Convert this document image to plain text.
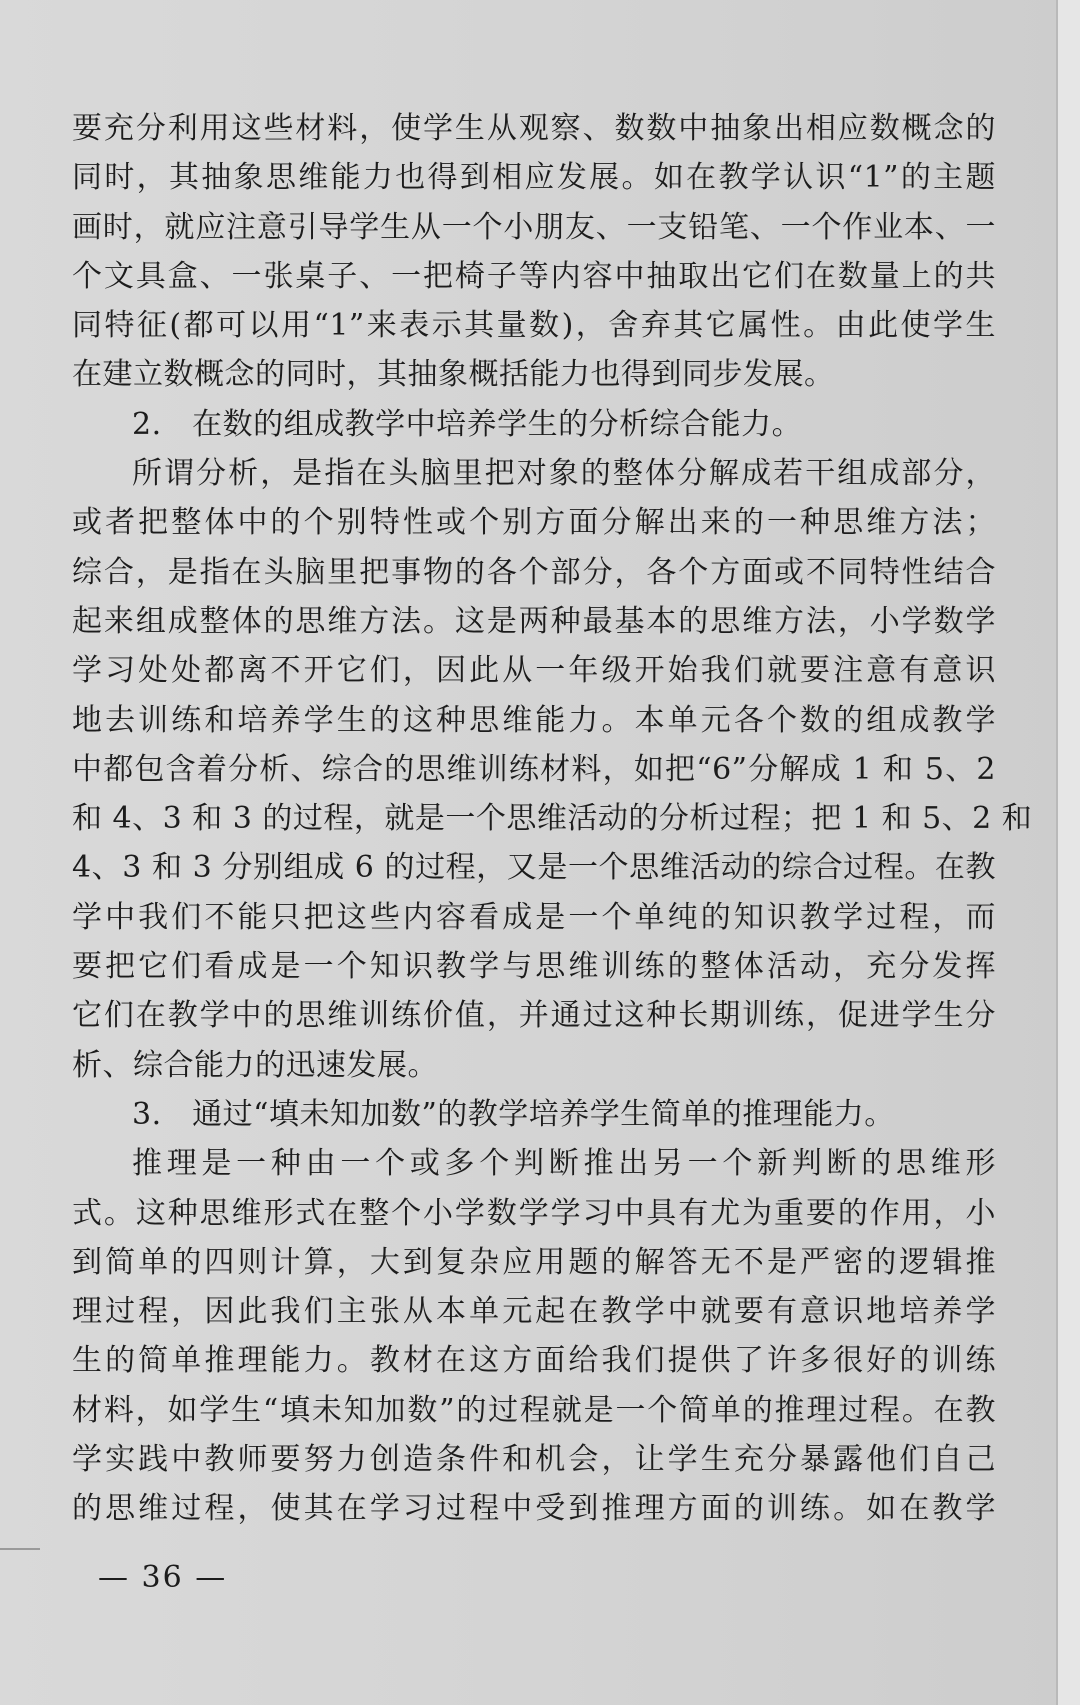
要充分利用这些材料，使学生从观察、数数中抽象出相应数概念的
同时，其抽象思维能力也得到相应发展。如在教学认识“1”的主题
画时，就应注意引导学生从一个小朋友、一支铅笔、一个作业本、一
个文具盒、一张桌子、一把椅子等内容中抽取出它们在数量上的共
同特征(都可以用“1”来表示其量数)，舍弃其它属性。由此使学生
在建立数概念的同时，其抽象概括能力也得到同步发展。
2.　在数的组成教学中培养学生的分析综合能力。
所谓分析，是指在头脑里把对象的整体分解成若干组成部分，
或者把整体中的个别特性或个别方面分解出来的一种思维方法；
综合，是指在头脑里把事物的各个部分，各个方面或不同特性结合
起来组成整体的思维方法。这是两种最基本的思维方法，小学数学
学习处处都离不开它们，因此从一年级开始我们就要注意有意识
地去训练和培养学生的这种思维能力。本单元各个数的组成教学
中都包含着分析、综合的思维训练材料，如把“6”分解成 1 和 5、2
和 4、3 和 3 的过程，就是一个思维活动的分析过程；把 1 和 5、2 和
4、3 和 3 分别组成 6 的过程，又是一个思维活动的综合过程。在教
学中我们不能只把这些内容看成是一个单纯的知识教学过程，而
要把它们看成是一个知识教学与思维训练的整体活动，充分发挥
它们在教学中的思维训练价值，并通过这种长期训练，促进学生分
析、综合能力的迅速发展。
3.　通过“填未知加数”的教学培养学生简单的推理能力。
推理是一种由一个或多个判断推出另一个新判断的思维形
式。这种思维形式在整个小学数学学习中具有尤为重要的作用，小
到简单的四则计算，大到复杂应用题的解答无不是严密的逻辑推
理过程，因此我们主张从本单元起在教学中就要有意识地培养学
生的简单推理能力。教材在这方面给我们提供了许多很好的训练
材料，如学生“填未知加数”的过程就是一个简单的推理过程。在教
学实践中教师要努力创造条件和机会，让学生充分暴露他们自己
的思维过程，使其在学习过程中受到推理方面的训练。如在教学
— 36 —
